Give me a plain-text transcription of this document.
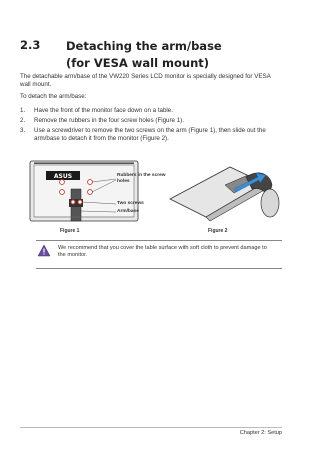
2.3 Detaching the arm/base
(for VESA wall mount)
The detachable arm/base of the VW220 Series LCD monitor is specially designed for VESA wall mount.
To detach the arm/base:
1.	Have the front of the monitor face down on a table.
2.	Remove the rubbers in the four screw holes (Figure 1).
3.	Use a screwdriver to remove the two screws on the arm (Figure 1), then slide out the arm/base to detach it from the monitor (Figure 2).
ASUS	Rubbers in the screw holes
Two screws
Arm/base
Figure 1	Figure 2
We recommend that you cover the table surface with soft cloth to prevent damage to the monitor.
Chapter 2: Setup
